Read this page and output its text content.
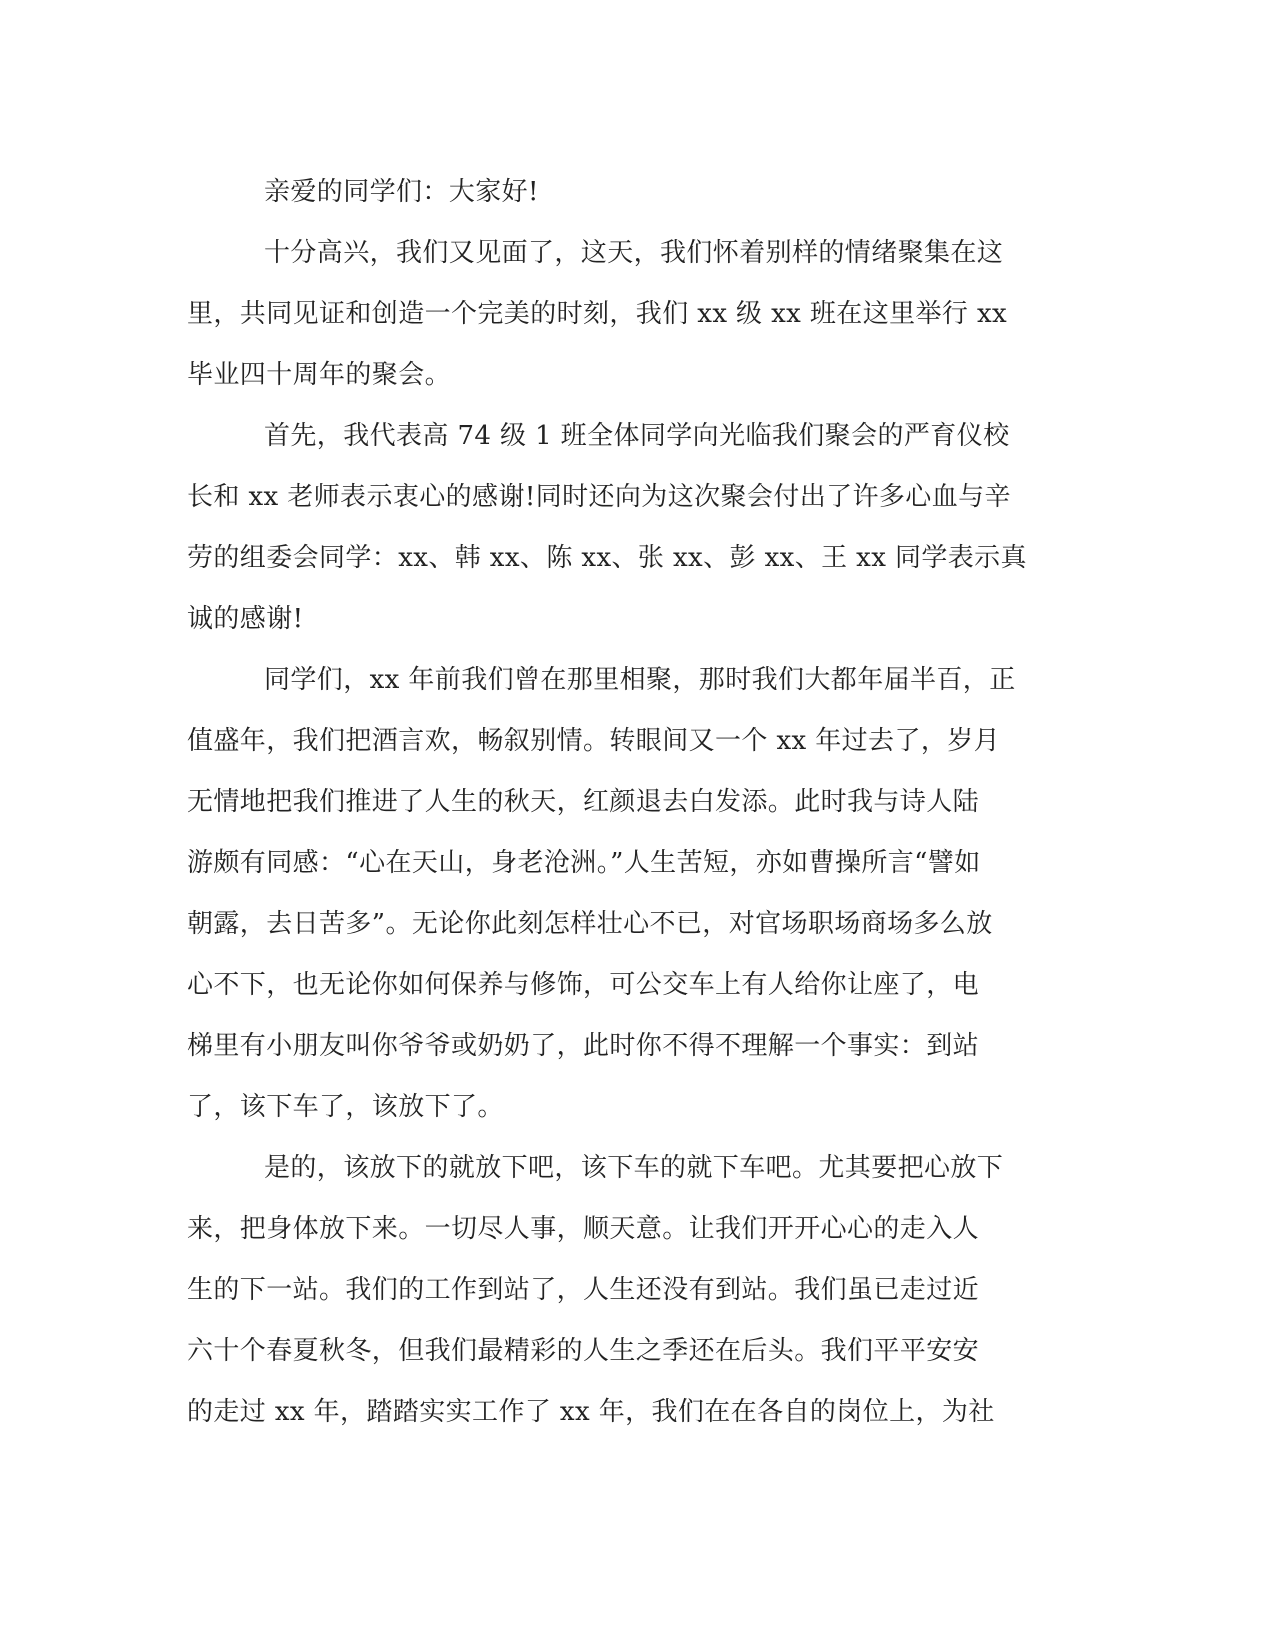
亲爱的同学们：大家好!
十分高兴，我们又见面了，这天，我们怀着别样的情绪聚集在这
里，共同见证和创造一个完美的时刻，我们 xx 级 xx 班在这里举行 xx
毕业四十周年的聚会。
首先，我代表高 74 级 1 班全体同学向光临我们聚会的严育仪校
长和 xx 老师表示衷心的感谢!同时还向为这次聚会付出了许多心血与辛
劳的组委会同学：xx、韩 xx、陈 xx、张 xx、彭 xx、王 xx 同学表示真
诚的感谢!
同学们，xx 年前我们曾在那里相聚，那时我们大都年届半百，正
值盛年，我们把酒言欢，畅叙别情。转眼间又一个 xx 年过去了，岁月
无情地把我们推进了人生的秋天，红颜退去白发添。此时我与诗人陆
游颇有同感：“心在天山，身老沧洲。”人生苦短，亦如曹操所言“譬如
朝露，去日苦多”。无论你此刻怎样壮心不已，对官场职场商场多么放
心不下，也无论你如何保养与修饰，可公交车上有人给你让座了，电
梯里有小朋友叫你爷爷或奶奶了，此时你不得不理解一个事实：到站
了，该下车了，该放下了。
是的，该放下的就放下吧，该下车的就下车吧。尤其要把心放下
来，把身体放下来。一切尽人事，顺天意。让我们开开心心的走入人
生的下一站。我们的工作到站了，人生还没有到站。我们虽已走过近
六十个春夏秋冬，但我们最精彩的人生之季还在后头。我们平平安安
的走过 xx 年，踏踏实实工作了 xx 年，我们在在各自的岗位上，为社
